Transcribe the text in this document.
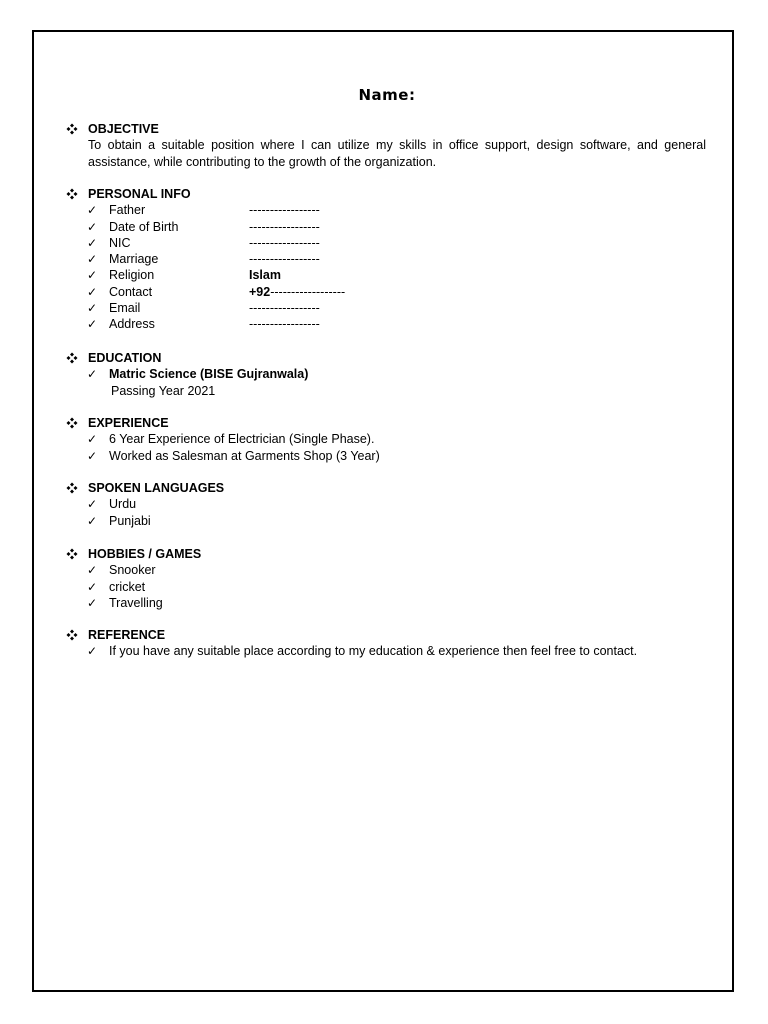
Name:
OBJECTIVE
To obtain a suitable position where I can utilize my skills in office support, design software, and general assistance, while contributing to the growth of the organization.
PERSONAL INFO
✓ Father	-----------------
✓ Date of Birth	-----------------
✓ NIC	-----------------
✓ Marriage	-----------------
✓ Religion	Islam
✓ Contact	+92------------------
✓ Email	-----------------
✓ Address	-----------------
EDUCATION
✓ Matric Science (BISE Gujranwala)
Passing Year 2021
EXPERIENCE
✓ 6 Year Experience of Electrician (Single Phase).
✓ Worked as Salesman at Garments Shop (3 Year)
SPOKEN LANGUAGES
✓ Urdu
✓ Punjabi
HOBBIES / GAMES
✓ Snooker
✓ cricket
✓ Travelling
REFERENCE
✓ If you have any suitable place according to my education & experience then feel free to contact.
